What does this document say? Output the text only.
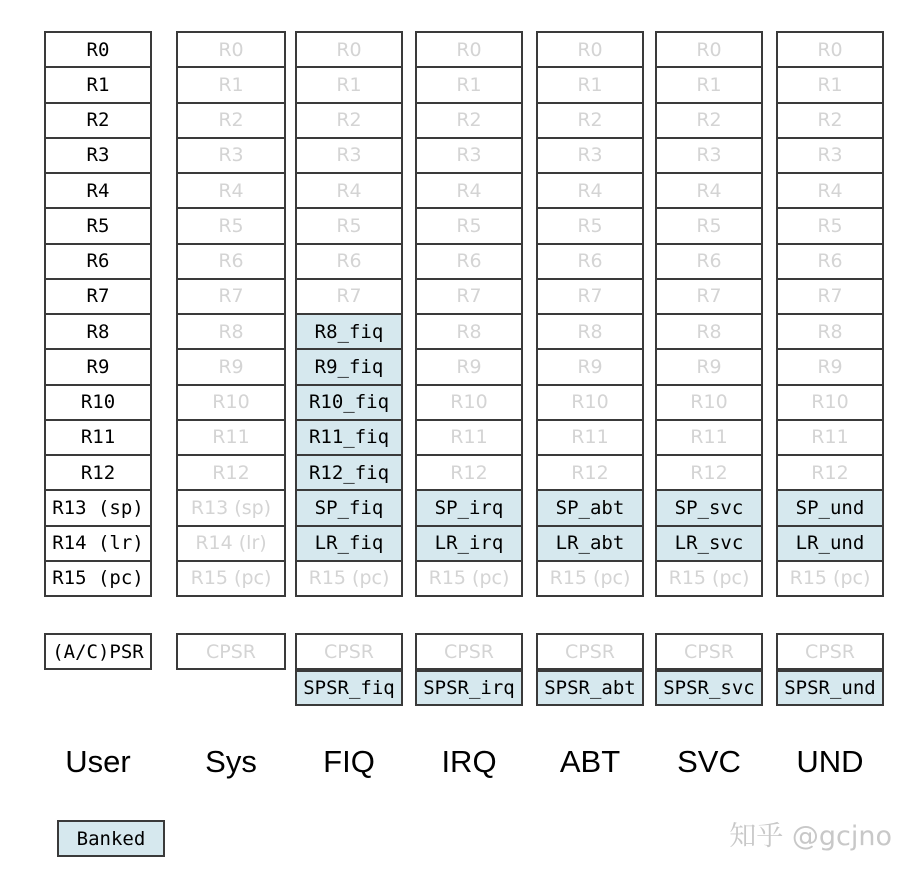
R0
R1
R2
R3
R4
R5
R6
R7
R8
R9
R10
R11
R12
R13 (sp)
R14 (lr)
R15 (pc)
(A/C)PSR
User
R0
R1
R2
R3
R4
R5
R6
R7
R8
R9
R10
R11
R12
R13 (sp)
R14 (lr)
R15 (pc)
CPSR
Sys
R0
R1
R2
R3
R4
R5
R6
R7
R8_fiq
R9_fiq
R10_fiq
R11_fiq
R12_fiq
SP_fiq
LR_fiq
R15 (pc)
CPSR
SPSR_fiq
FIQ
R0
R1
R2
R3
R4
R5
R6
R7
R8
R9
R10
R11
R12
SP_irq
LR_irq
R15 (pc)
CPSR
SPSR_irq
IRQ
R0
R1
R2
R3
R4
R5
R6
R7
R8
R9
R10
R11
R12
SP_abt
LR_abt
R15 (pc)
CPSR
SPSR_abt
ABT
R0
R1
R2
R3
R4
R5
R6
R7
R8
R9
R10
R11
R12
SP_svc
LR_svc
R15 (pc)
CPSR
SPSR_svc
SVC
R0
R1
R2
R3
R4
R5
R6
R7
R8
R9
R10
R11
R12
SP_und
LR_und
R15 (pc)
CPSR
SPSR_und
UND
Banked	知乎 @gcjno
